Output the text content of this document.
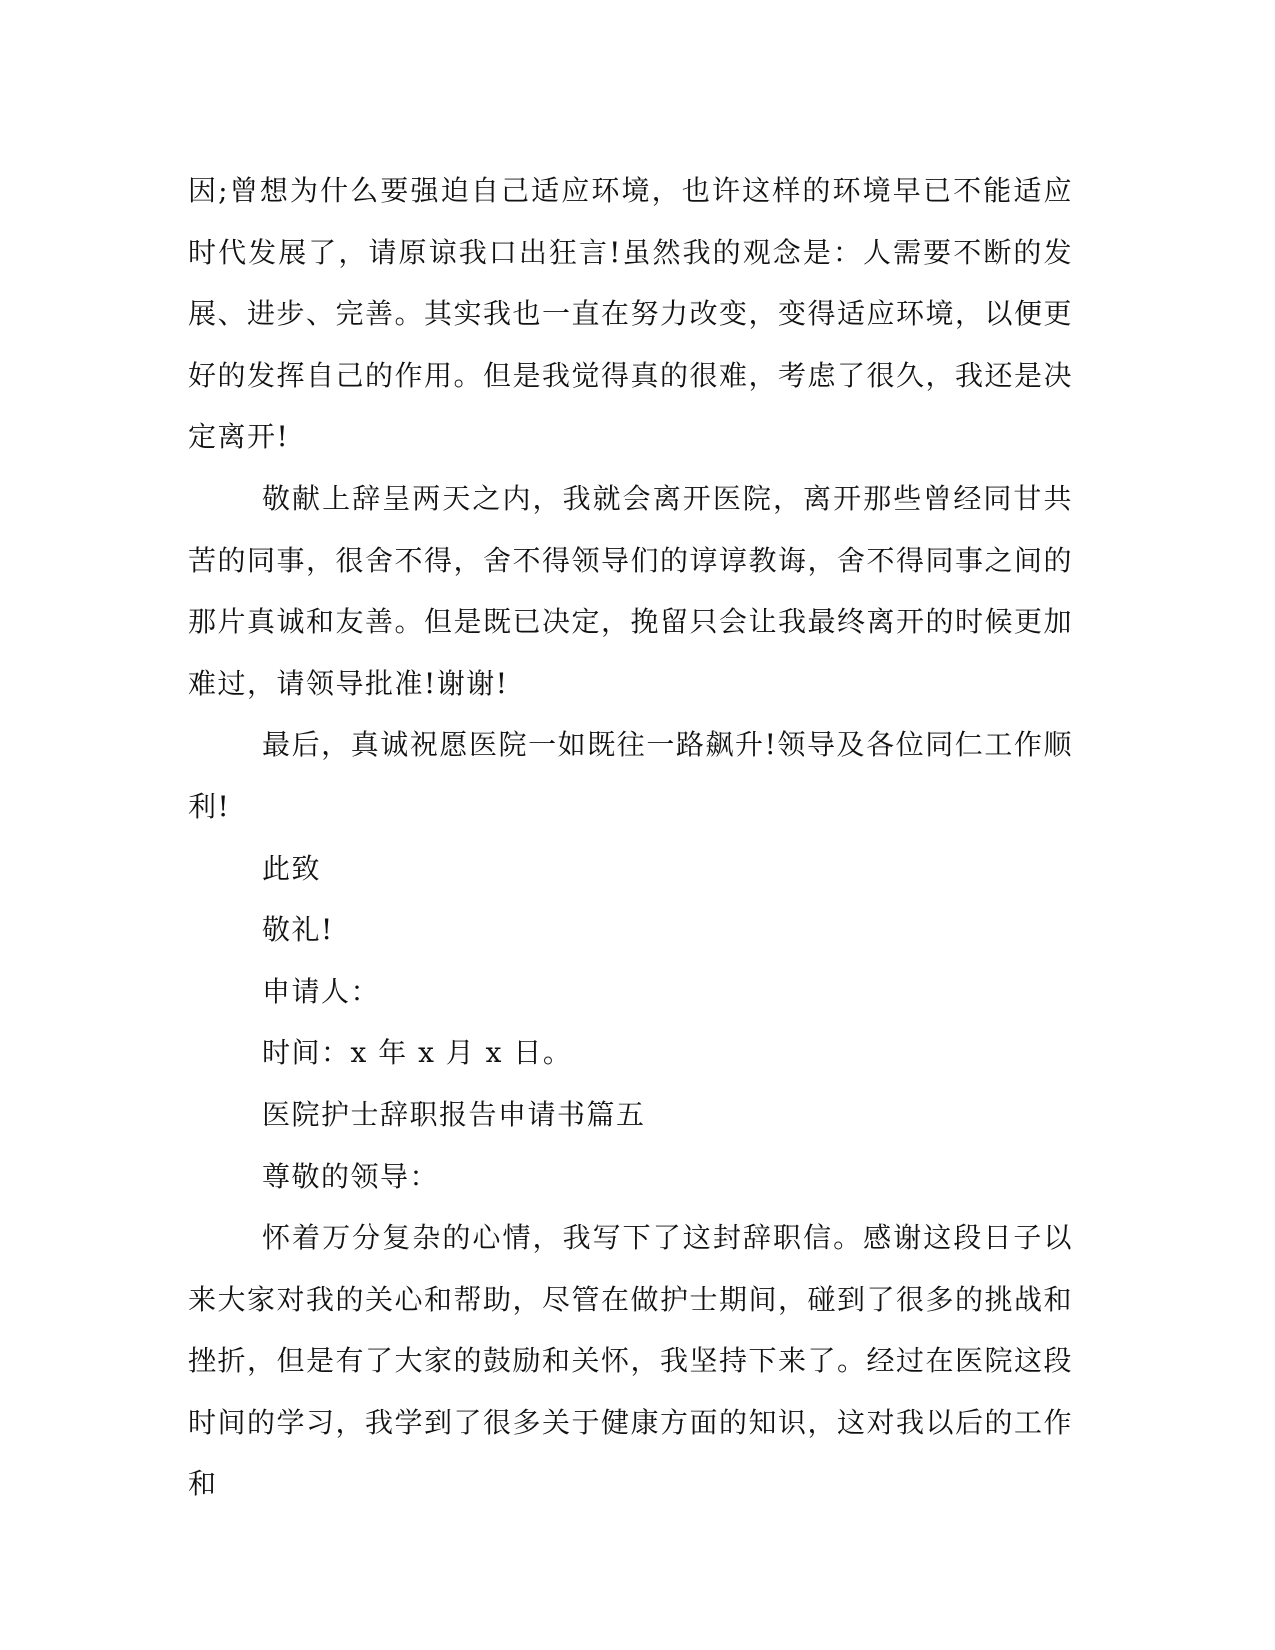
因;曾想为什么要强迫自己适应环境，也许这样的环境早已不能适应时代发展了，请原谅我口出狂言!虽然我的观念是：人需要不断的发展、进步、完善。其实我也一直在努力改变，变得适应环境，以便更好的发挥自己的作用。但是我觉得真的很难，考虑了很久，我还是决定离开!

敬献上辞呈两天之内，我就会离开医院，离开那些曾经同甘共苦的同事，很舍不得，舍不得领导们的谆谆教诲，舍不得同事之间的那片真诚和友善。但是既已决定，挽留只会让我最终离开的时候更加难过，请领导批准!谢谢!

最后，真诚祝愿医院一如既往一路飙升!领导及各位同仁工作顺利!

此致

敬礼!

申请人：

时间：x 年 x 月 x 日。

医院护士辞职报告申请书篇五

尊敬的领导：

怀着万分复杂的心情，我写下了这封辞职信。感谢这段日子以来大家对我的关心和帮助，尽管在做护士期间，碰到了很多的挑战和挫折，但是有了大家的鼓励和关怀，我坚持下来了。经过在医院这段时间的学习，我学到了很多关于健康方面的知识，这对我以后的工作和
